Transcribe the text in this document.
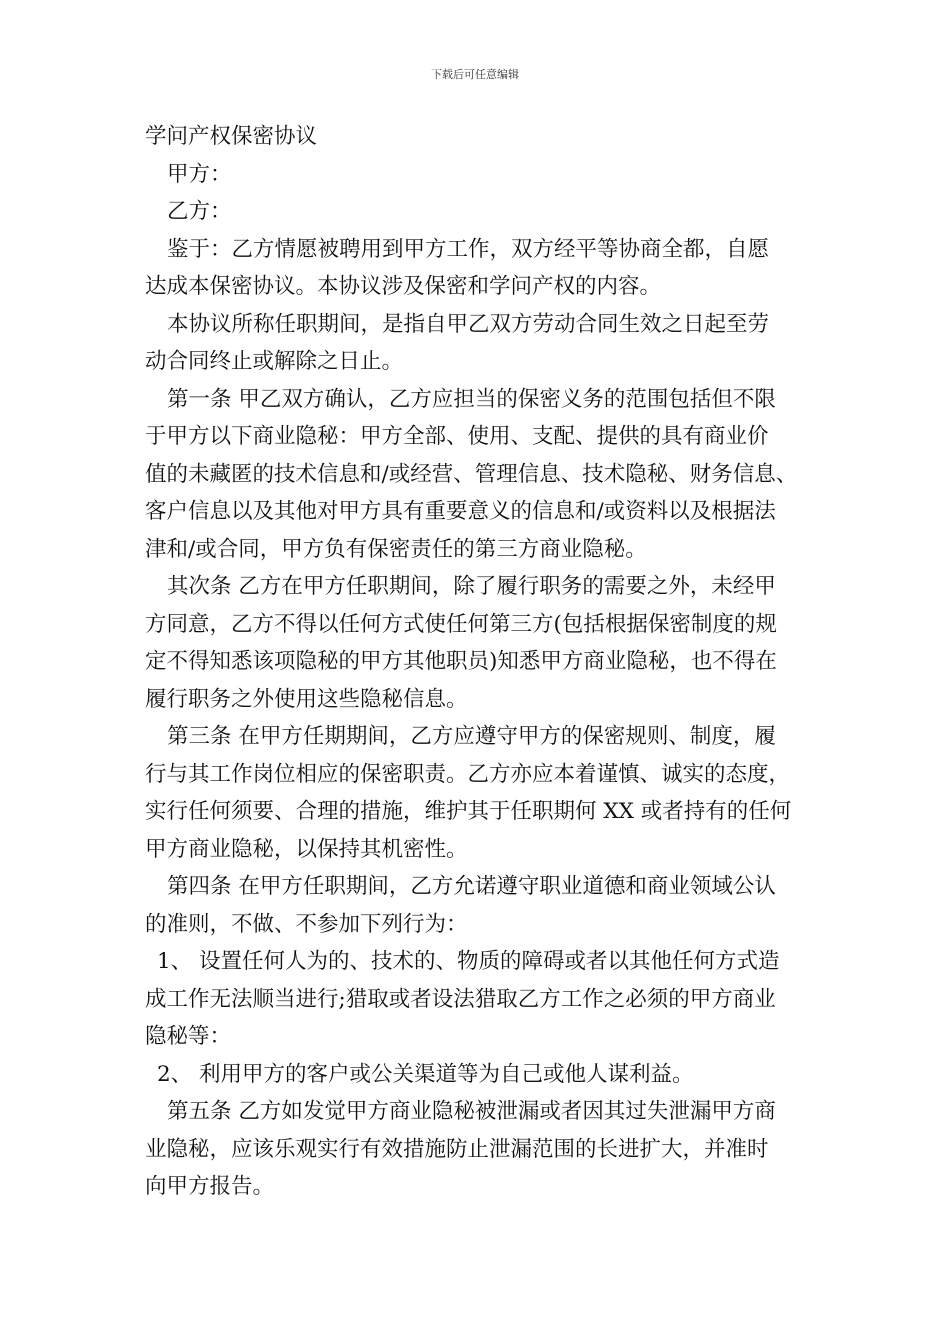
下载后可任意编辑

学问产权保密协议

甲方：

乙方：

鉴于：乙方情愿被聘用到甲方工作，双方经平等协商全都，自愿

达成本保密协议。本协议涉及保密和学问产权的内容。

本协议所称任职期间，是指自甲乙双方劳动合同生效之日起至劳

动合同终止或解除之日止。

第一条 甲乙双方确认，乙方应担当的保密义务的范围包括但不限

于甲方以下商业隐秘：甲方全部、使用、支配、提供的具有商业价

值的未藏匿的技术信息和/或经营、管理信息、技术隐秘、财务信息、

客户信息以及其他对甲方具有重要意义的信息和/或资料以及根据法

津和/或合同，甲方负有保密责任的第三方商业隐秘。

其次条 乙方在甲方任职期间，除了履行职务的需要之外，未经甲

方同意，乙方不得以任何方式使任何第三方(包括根据保密制度的规

定不得知悉该项隐秘的甲方其他职员)知悉甲方商业隐秘，也不得在

履行职务之外使用这些隐秘信息。

第三条 在甲方任期期间，乙方应遵守甲方的保密规则、制度，履

行与其工作岗位相应的保密职责。乙方亦应本着谨慎、诚实的态度，

实行任何须要、合理的措施，维护其于任职期何 XX 或者持有的任何

甲方商业隐秘，以保持其机密性。

第四条 在甲方任职期间，乙方允诺遵守职业道德和商业领域公认

的准则，不做、不参加下列行为：

1、 设置任何人为的、技术的、物质的障碍或者以其他任何方式造

成工作无法顺当进行;猎取或者设法猎取乙方工作之必须的甲方商业

隐秘等：

2、 利用甲方的客户或公关渠道等为自己或他人谋利益。

第五条 乙方如发觉甲方商业隐秘被泄漏或者因其过失泄漏甲方商

业隐秘，应该乐观实行有效措施防止泄漏范围的长进扩大，并准时

向甲方报告。
